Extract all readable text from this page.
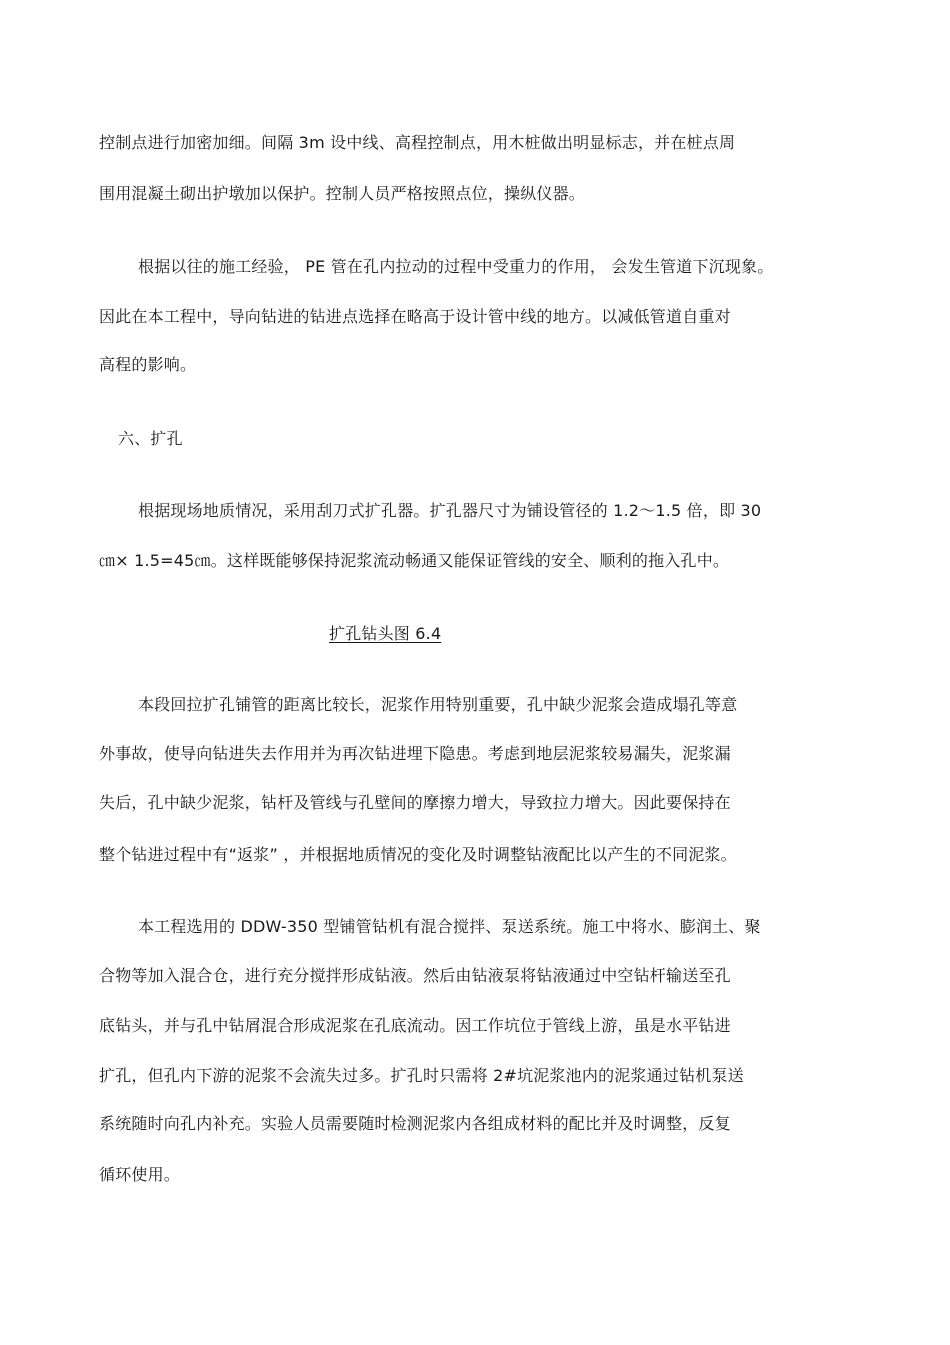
控制点进行加密加细。间隔 3m 设中线、高程控制点，用木桩做出明显标志，并在桩点周
围用混凝土砌出护墩加以保护。控制人员严格按照点位，操纵仪器。
根据以往的施工经验， PE 管在孔内拉动的过程中受重力的作用， 会发生管道下沉现象。
因此在本工程中，导向钻进的钻进点选择在略高于设计管中线的地方。以减低管道自重对
高程的影响。
六、扩孔
根据现场地质情况，采用刮刀式扩孔器。扩孔器尺寸为铺设管径的 1.2～1.5 倍，即 30
㎝× 1.5=45㎝。这样既能够保持泥浆流动畅通又能保证管线的安全、顺利的拖入孔中。
扩孔钻头图 6.4
本段回拉扩孔铺管的距离比较长，泥浆作用特别重要，孔中缺少泥浆会造成塌孔等意
外事故，使导向钻进失去作用并为再次钻进埋下隐患。考虑到地层泥浆较易漏失，泥浆漏
失后，孔中缺少泥浆，钻杆及管线与孔壁间的摩擦力增大，导致拉力增大。因此要保持在
整个钻进过程中有“返浆” ，并根据地质情况的变化及时调整钻液配比以产生的不同泥浆。
本工程选用的 DDW-350 型铺管钻机有混合搅拌、泵送系统。施工中将水、膨润土、聚
合物等加入混合仓，进行充分搅拌形成钻液。然后由钻液泵将钻液通过中空钻杆输送至孔
底钻头，并与孔中钻屑混合形成泥浆在孔底流动。因工作坑位于管线上游，虽是水平钻进
扩孔，但孔内下游的泥浆不会流失过多。扩孔时只需将 2#坑泥浆池内的泥浆通过钻机泵送
系统随时向孔内补充。实验人员需要随时检测泥浆内各组成材料的配比并及时调整，反复
循环使用。
